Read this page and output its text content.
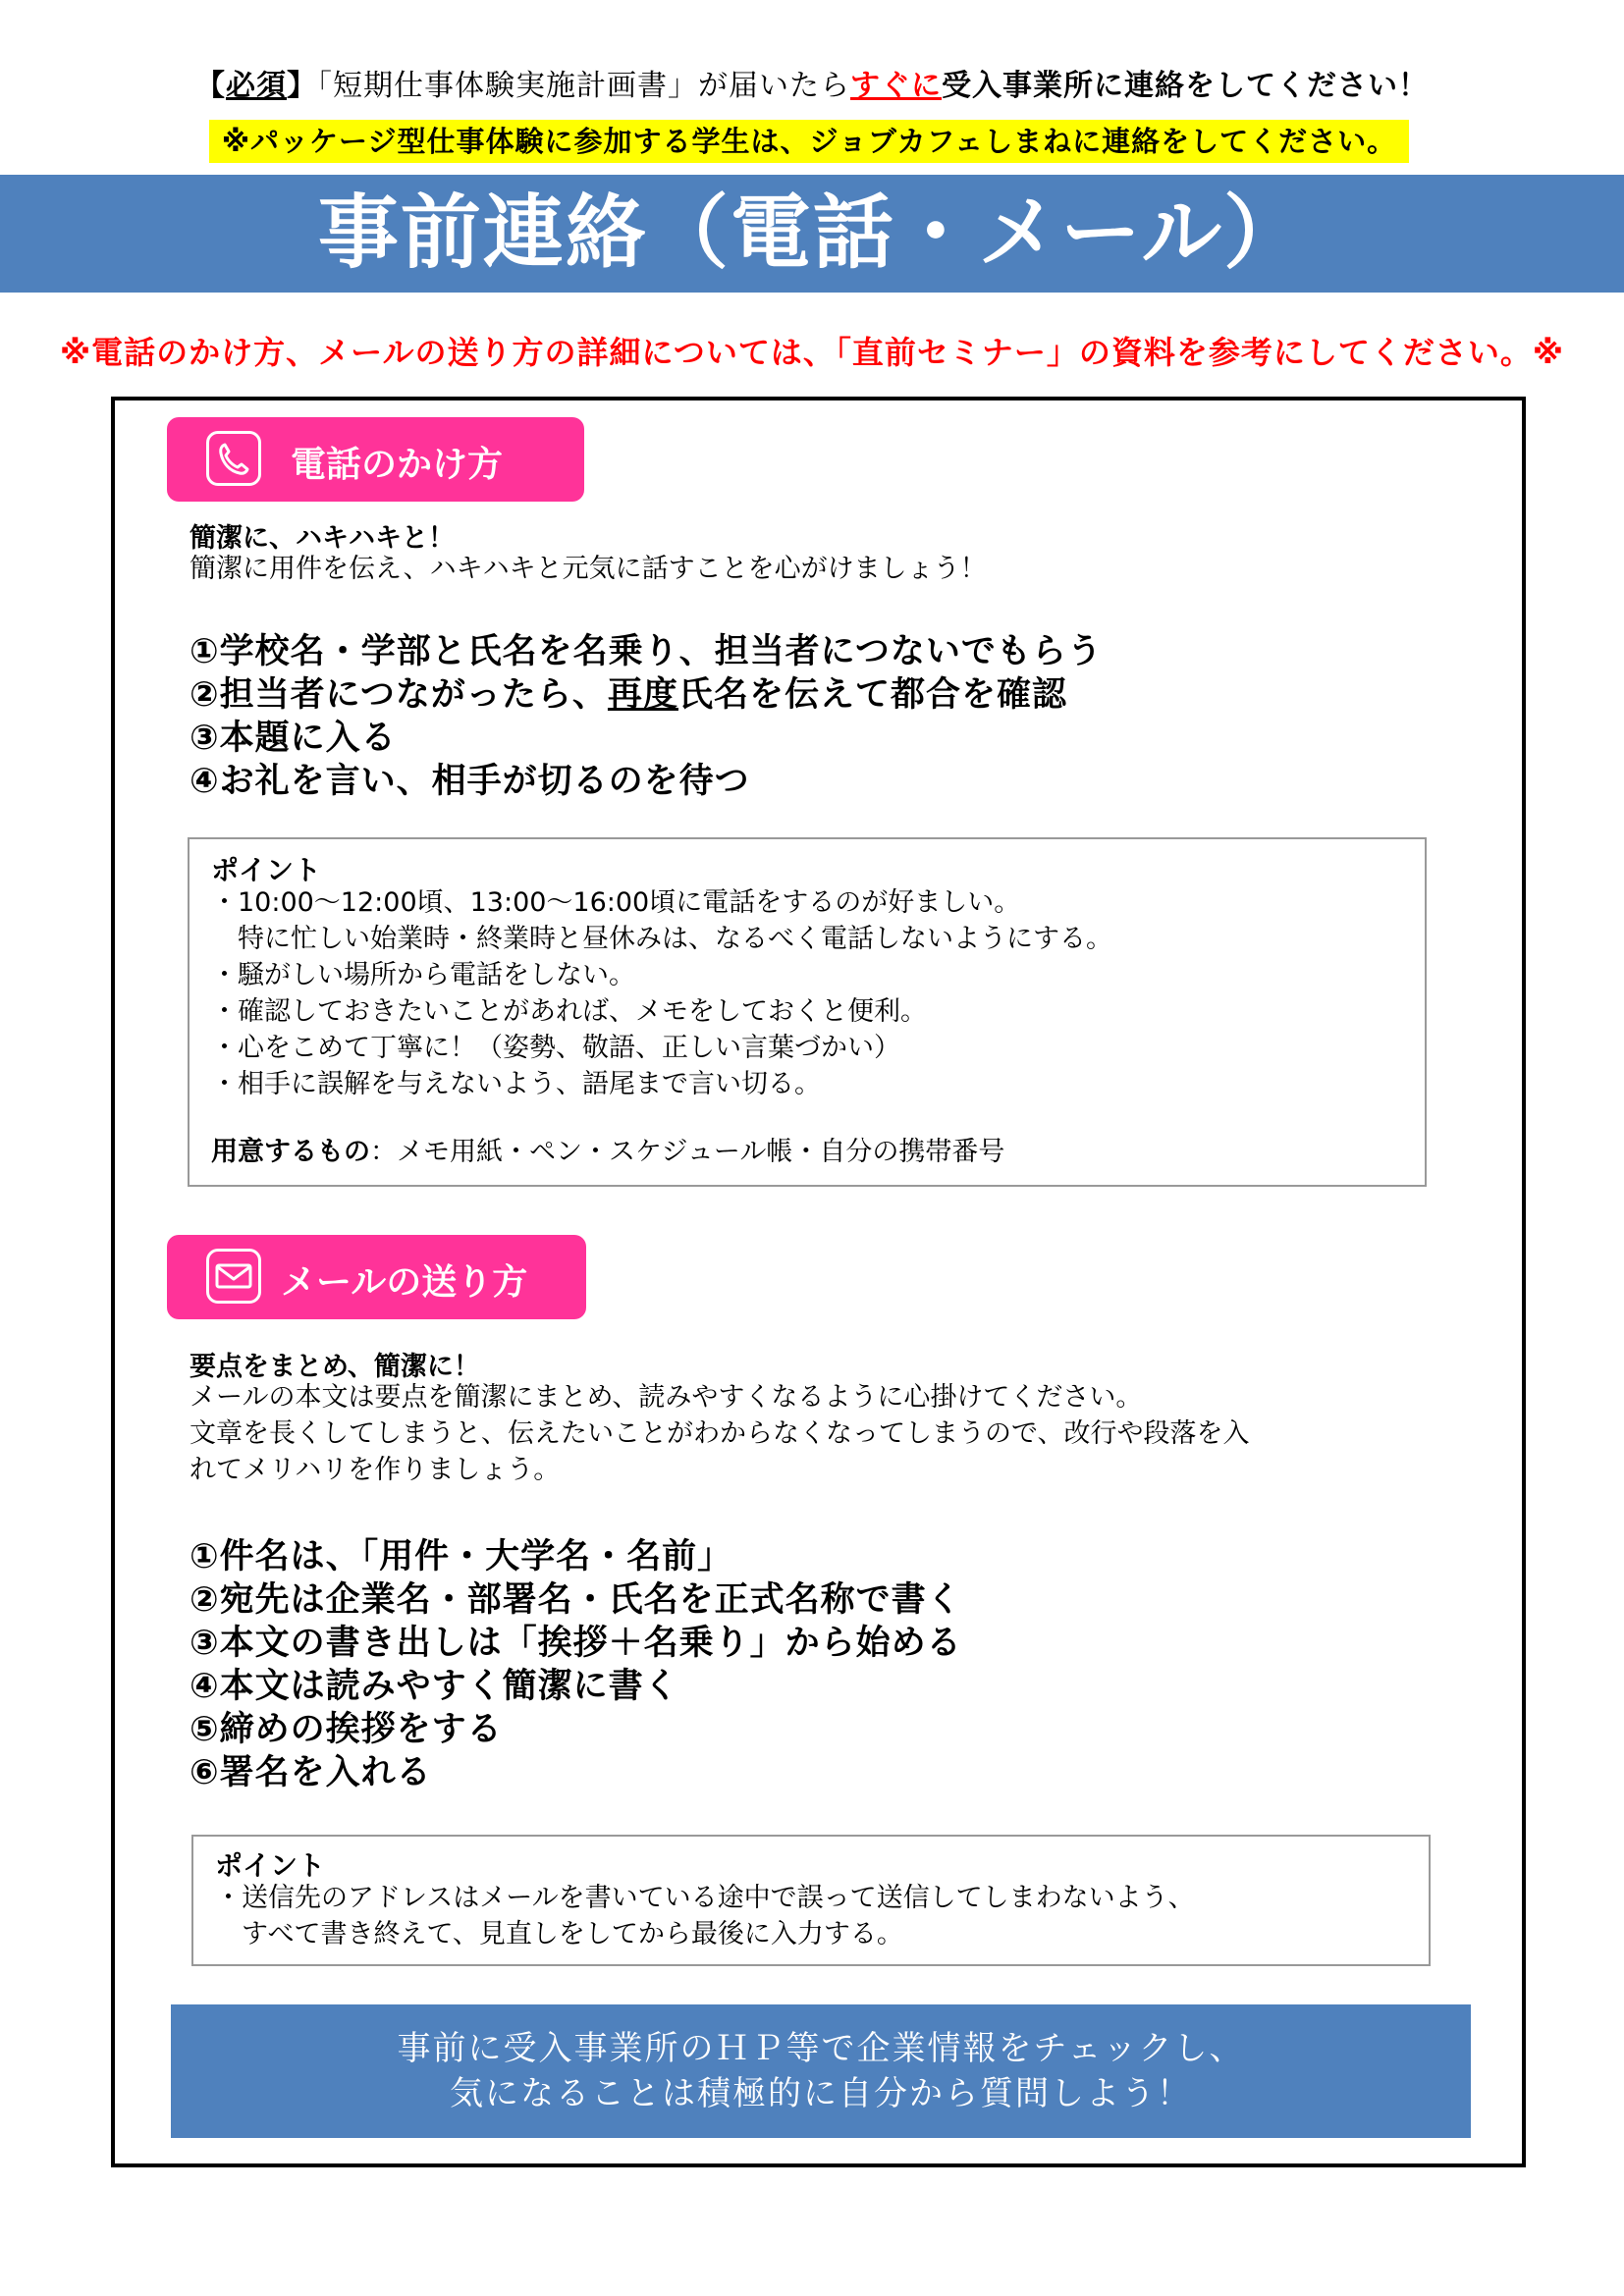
【必須】「短期仕事体験実施計画書」が届いたらすぐに受入事業所に連絡をしてください！
※パッケージ型仕事体験に参加する学生は、ジョブカフェしまねに連絡をしてください。
事前連絡（電話・メール）
※電話のかけ方、メールの送り方の詳細については、「直前セミナー」の資料を参考にしてください。※
電話のかけ方
簡潔に、ハキハキと！
簡潔に用件を伝え、ハキハキと元気に話すことを心がけましょう！
①学校名・学部と氏名を名乗り、担当者につないでもらう
②担当者につながったら、再度氏名を伝えて都合を確認
③本題に入る
④お礼を言い、相手が切るのを待つ
ポイント
・10:00～12:00頃、13:00～16:00頃に電話をするのが好ましい。
　特に忙しい始業時・終業時と昼休みは、なるべく電話しないようにする。
・騒がしい場所から電話をしない。
・確認しておきたいことがあれば、メモをしておくと便利。
・心をこめて丁寧に！（姿勢、敬語、正しい言葉づかい）
・相手に誤解を与えないよう、語尾まで言い切る。
用意するもの：メモ用紙・ペン・スケジュール帳・自分の携帯番号
メールの送り方
要点をまとめ、簡潔に！
メールの本文は要点を簡潔にまとめ、読みやすくなるように心掛けてください。
文章を長くしてしまうと、伝えたいことがわからなくなってしまうので、改行や段落を入
れてメリハリを作りましょう。
①件名は、「用件・大学名・名前」
②宛先は企業名・部署名・氏名を正式名称で書く
③本文の書き出しは「挨拶＋名乗り」から始める
④本文は読みやすく簡潔に書く
⑤締めの挨拶をする
⑥署名を入れる
ポイント
・送信先のアドレスはメールを書いている途中で誤って送信してしまわないよう、
　すべて書き終えて、見直しをしてから最後に入力する。
事前に受入事業所のＨＰ等で企業情報をチェックし、
気になることは積極的に自分から質問しよう！
